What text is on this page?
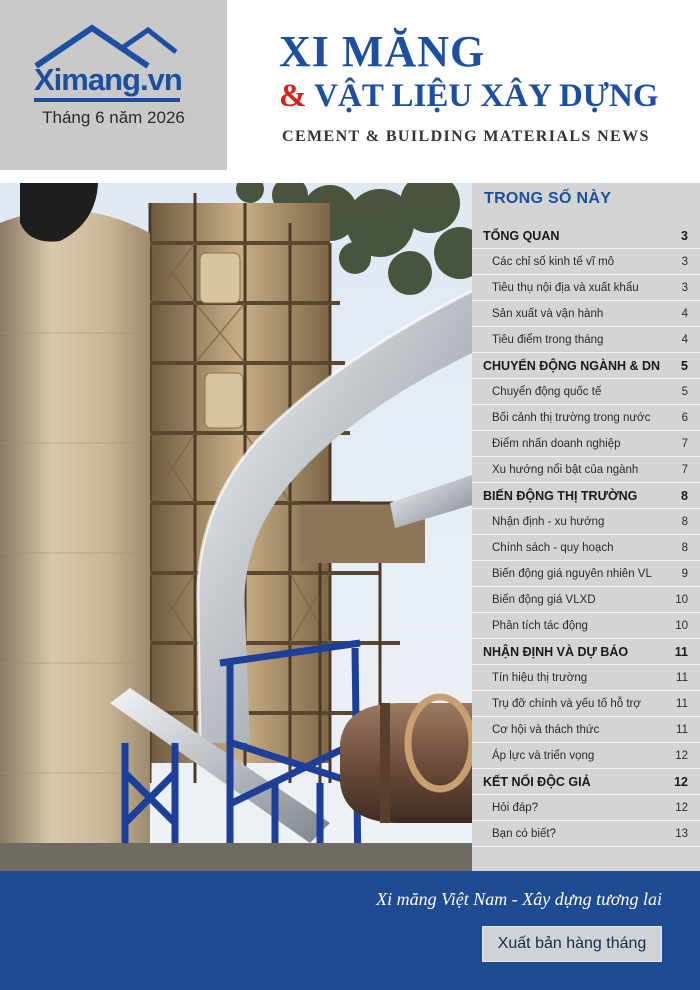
Ximang.vn
Tháng 6 năm 2026
XI MĂNG
& VẬT LIỆU XÂY DỰNG
CEMENT & BUILDING MATERIALS NEWS
TRONG SỐ NÀY
TỔNG QUAN	3
Các chỉ số kinh tế vĩ mô	3
Tiêu thụ nội địa và xuất khẩu	3
Sản xuất và vận hành	4
Tiêu điểm trong tháng	4
CHUYỂN ĐỘNG NGÀNH & DN 5
Chuyển động quốc tế	5
Bối cảnh thị trường trong nước	6
Điểm nhấn doanh nghiệp	7
Xu hướng nổi bật của ngành	7
BIẾN ĐỘNG THỊ TRƯỜNG	8
Nhận định - xu hướng	8
Chính sách - quy hoạch	8
Biến động giá nguyên nhiên VL	9
Biến động giá VLXD	10
Phân tích tác động	10
NHẬN ĐỊNH VÀ DỰ BÁO	11
Tín hiệu thị trường	11
Trụ đỡ chính và yếu tố hỗ trợ	11
Cơ hội và thách thức	11
Áp lực và triển vọng	12
KẾT NỐI ĐỘC GIẢ	12
Hỏi đáp?	12
Bạn có biết?	13
Xi măng Việt Nam - Xây dựng tương lai
Xuất bản hàng tháng
